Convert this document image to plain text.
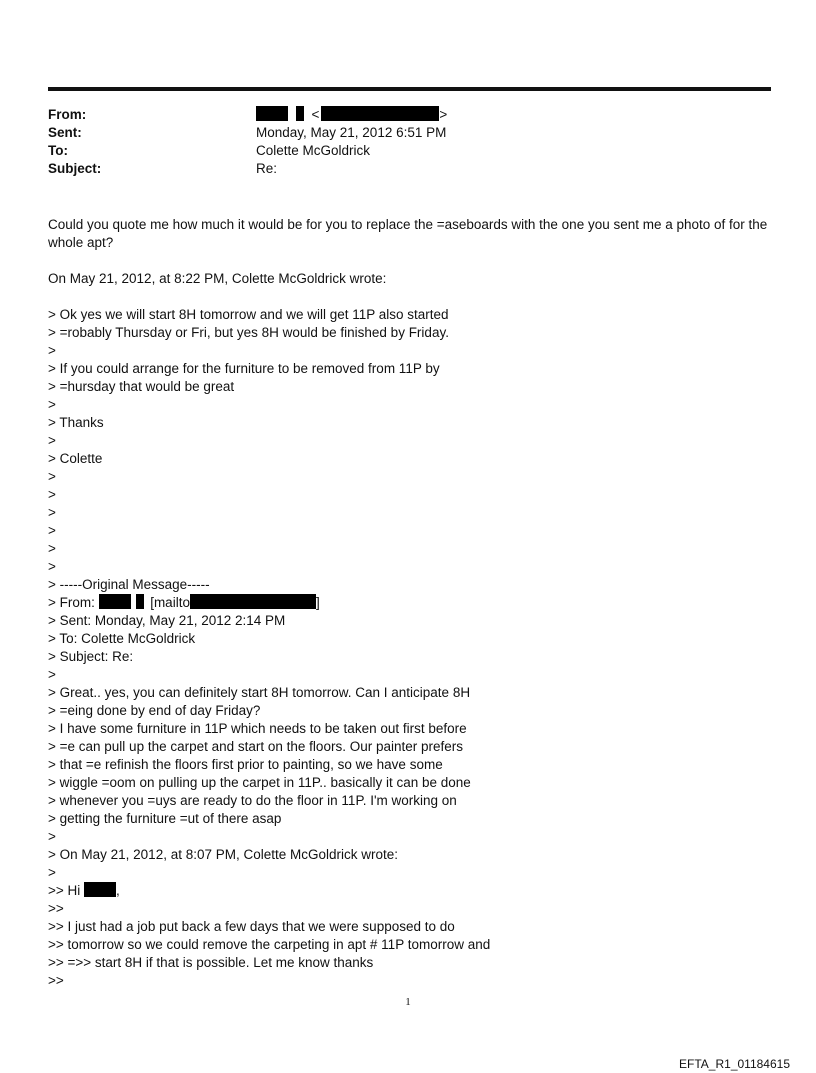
From:	<	>
Sent:	Monday, May 21, 2012 6:51 PM
To:	Colette McGoldrick
Subject:	Re:
Could you quote me how much it would be for you to replace the =aseboards with the one you sent me a photo of for the whole apt?
On May 21, 2012, at 8:22 PM, Colette McGoldrick wrote:
> Ok yes we will start 8H tomorrow and we will get 11P also started
> =robably Thursday or Fri, but yes 8H would be finished by Friday.
>
> If you could arrange for the furniture to be removed from 11P by
> =hursday that would be great
>
> Thanks
>
> Colette
>
>
>
>
>
>
> -----Original Message-----
> From:	[mailto	]
> Sent: Monday, May 21, 2012 2:14 PM
> To: Colette McGoldrick
> Subject: Re:
>
> Great.. yes, you can definitely start 8H tomorrow. Can I anticipate 8H
> =eing done by end of day Friday?
> I have some furniture in 11P which needs to be taken out first before
> =e can pull up the carpet and start on the floors. Our painter prefers
> that =e refinish the floors first prior to painting, so we have some
> wiggle =oom on pulling up the carpet in 11P.. basically it can be done
> whenever you =uys are ready to do the floor in 11P. I'm working on
> getting the furniture =ut of there asap
>
> On May 21, 2012, at 8:07 PM, Colette McGoldrick wrote:
>
>> Hi	,
>>
>> I just had a job put back a few days that we were supposed to do
>> tomorrow so we could remove the carpeting in apt # 11P tomorrow and
>> =>> start 8H if that is possible. Let me know thanks
>>
1
EFTA_R1_01184615
